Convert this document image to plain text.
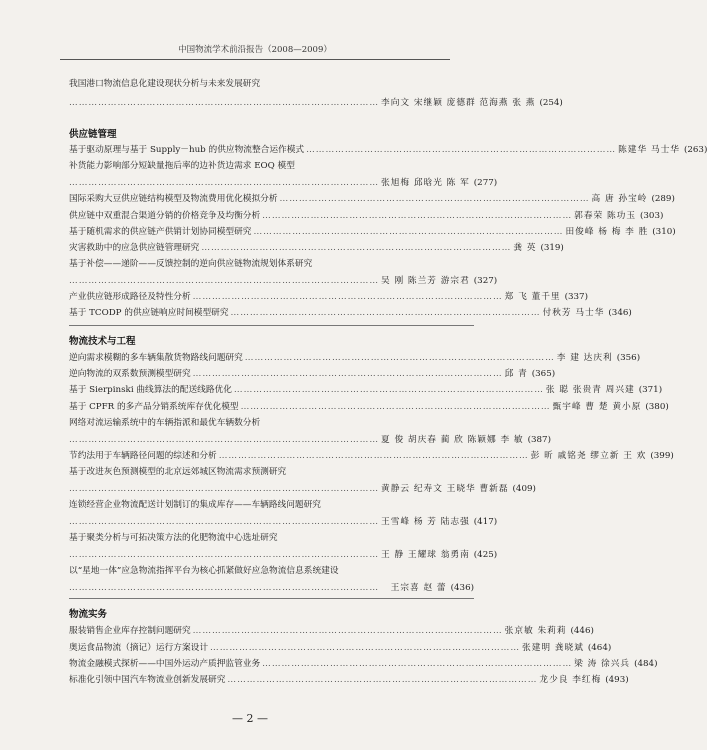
中国物流学术前沿报告（2008—2009）
我国港口物流信息化建设现状分析与未来发展研究
…………………………………………………………………………………… 李向文 宋继颖 庞德群 范海燕 张 燕 (254)
供应链管理
基于驱动原理与基于 Supply－hub 的供应物流整合运作模式 …………………………………………………………………………………… 陈建华 马士华 (263)
补货能力影响部分短缺量拖后率的边补货边需求 EOQ 模型
…………………………………………………………………………………… 张旭梅 邱晗光 陈 军 (277)
国际采购大豆供应链结构模型及物流费用优化模拟分析 …………………………………………………………………………………… 高 唐 孙宝岭 (289)
供应链中双重混合渠道分销的价格竞争及均衡分析 …………………………………………………………………………………… 郭春荣 陈功玉 (303)
基于随机需求的供应链产供销计划协同模型研究 …………………………………………………………………………………… 田俊峰 杨 梅 李 胜 (310)
灾害救助中的应急供应链管理研究 …………………………………………………………………………………… 龚 英 (319)
基于补偿——递阶——反馈控制的逆向供应链物流规划体系研究
…………………………………………………………………………………… 吴 刚 陈兰芳 游宗君 (327)
产业供应链形成路径及特性分析 …………………………………………………………………………………… 郑 飞 董千里 (337)
基于 TCODP 的供应链响应时间模型研究 …………………………………………………………………………………… 付秋芳 马士华 (346)
物流技术与工程
逆向需求模糊的多车辆集散货物路线问题研究 …………………………………………………………………………………… 李 建 达庆利 (356)
逆向物流的双系数预测模型研究 …………………………………………………………………………………… 邱 青 (365)
基于 Sierpinski 曲线算法的配送线路优化 …………………………………………………………………………………… 张 聪 张贵青 周兴建 (371)
基于 CPFR 的多产品分销系统库存优化模型 …………………………………………………………………………………… 甄宇峰 曹 楚 黄小原 (380)
网络对流运输系统中的车辆指派和最优车辆数分析
…………………………………………………………………………………… 夏 俊 胡庆春 蔺 欣 陈颖娜 李 敏 (387)
节约法用于车辆路径问题的综述和分析 …………………………………………………………………………………… 彭 昕 戚铭尧 缪立新 王 欢 (399)
基于改进灰色预测模型的北京远郊城区物流需求预测研究
…………………………………………………………………………………… 黄静云 纪寿文 王晓华 曹新磊 (409)
连锁经营企业物流配送计划制订的集成库存——车辆路线问题研究
…………………………………………………………………………………… 王雪峰 杨 芳 陆志强 (417)
基于聚类分析与可拓决策方法的化肥物流中心选址研究
…………………………………………………………………………………… 王 静 王耀球 翁勇南 (425)
以“星地一体”应急物流指挥平台为核心抓紧做好应急物流信息系统建设
……………………………………………………………………………………	王宗喜 赵 蕾 (436)
物流实务
服装销售企业库存控制问题研究 …………………………………………………………………………………… 张京敏 朱莉莉 (446)
奥运食品物流（摘记）运行方案设计 …………………………………………………………………………………… 张建明 龚晓斌 (464)
物流金融模式探析——中国外运动产质押监管业务 …………………………………………………………………………………… 梁 涛 徐兴兵 (484)
标准化引领中国汽车物流业创新发展研究 …………………………………………………………………………………… 龙少良 李红梅 (493)
— 2 —
